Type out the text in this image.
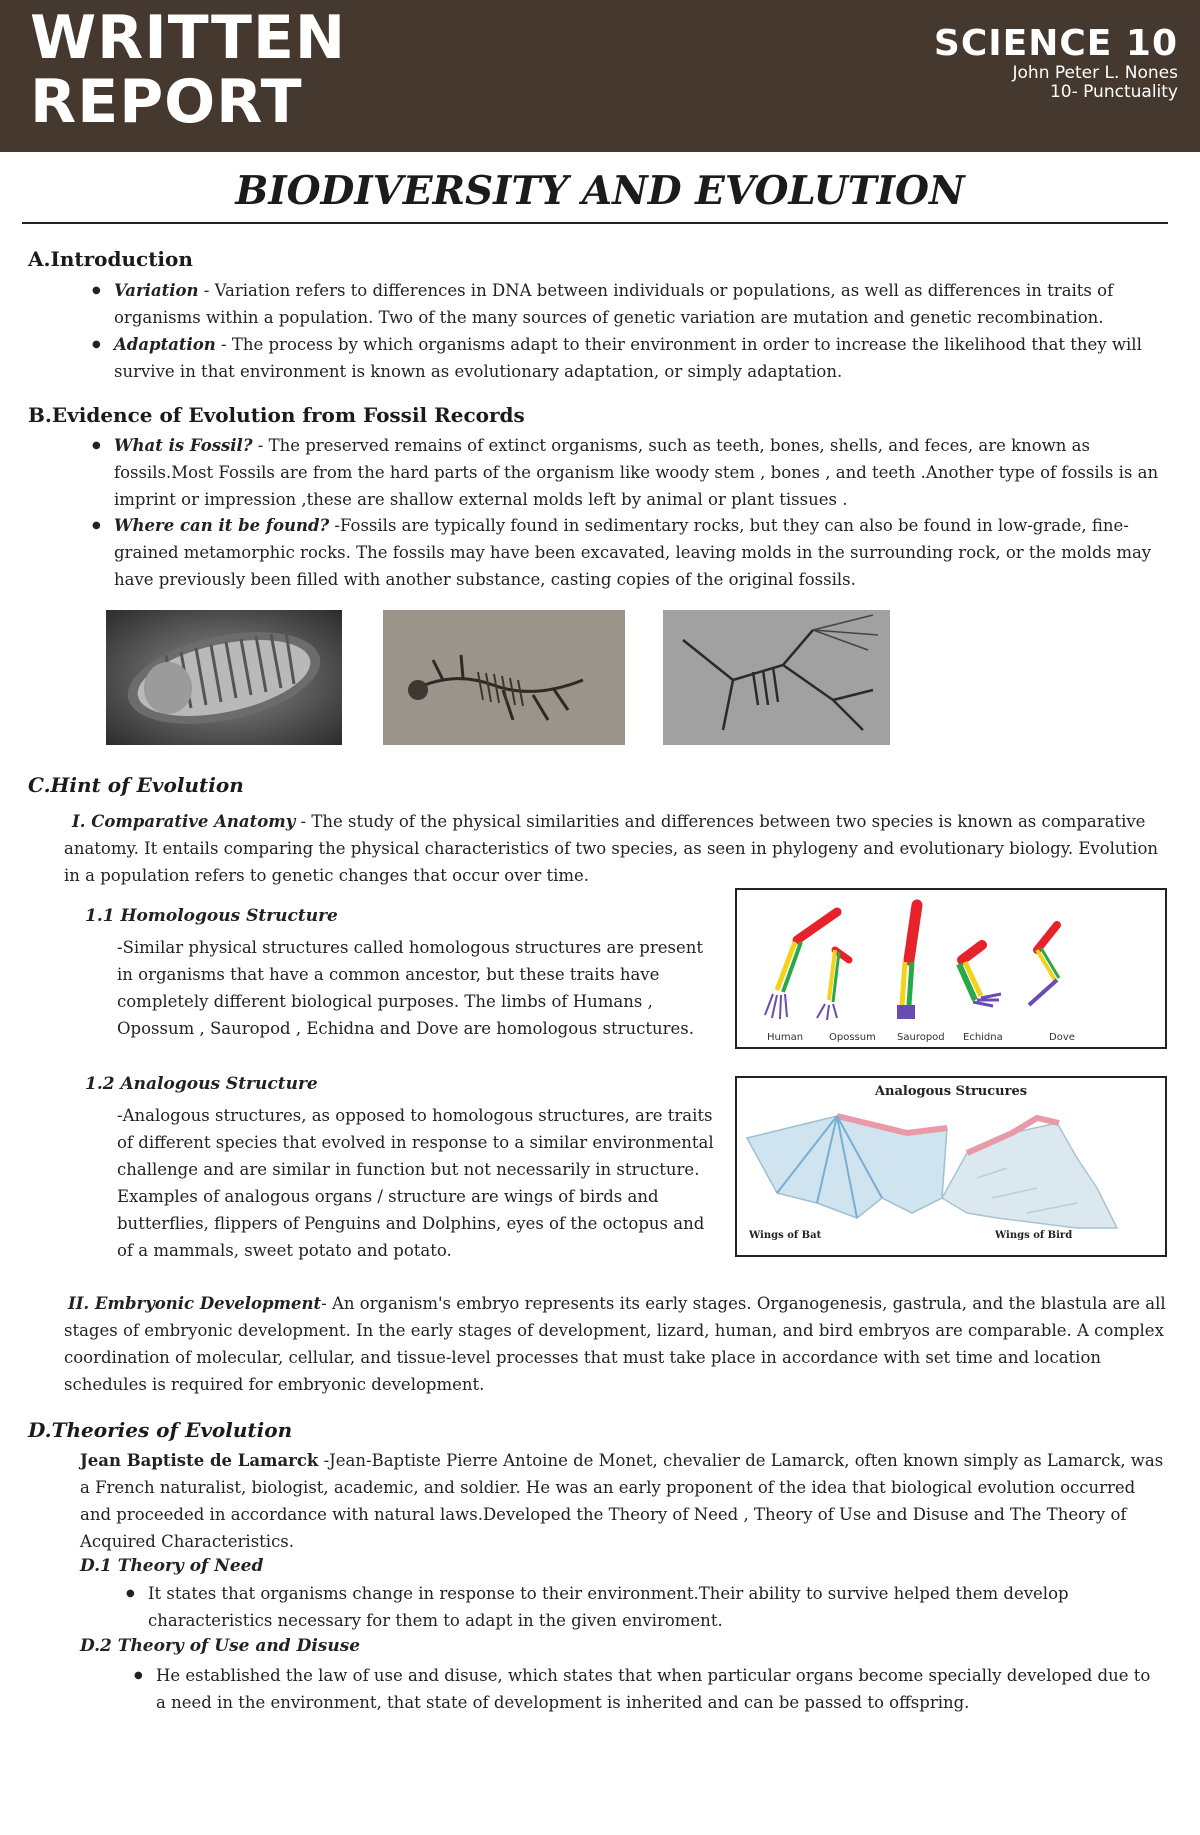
WRITTEN
REPORT
SCIENCE 10
John Peter L. Nones
10- Punctuality
BIODIVERSITY AND EVOLUTION
A.Introduction
● Variation - Variation refers to differences in DNA between individuals or populations, as well as differences in traits of organisms within a population. Two of the many sources of genetic variation are mutation and genetic recombination.
● Adaptation - The process by which organisms adapt to their environment in order to increase the likelihood that they will survive in that environment is known as evolutionary adaptation, or simply adaptation.
B.Evidence of Evolution from Fossil Records
● What is Fossil? - The preserved remains of extinct organisms, such as teeth, bones, shells, and feces, are known as fossils.Most Fossils are from the hard parts of the organism like woody stem , bones , and teeth .Another type of fossils is an imprint or impression ,these are shallow external molds left by animal or plant tissues .
● Where can it be found? -Fossils are typically found in sedimentary rocks, but they can also be found in low-grade, fine-grained metamorphic rocks. The fossils may have been excavated, leaving molds in the surrounding rock, or the molds may have previously been filled with another substance, casting copies of the original fossils.
C.Hint of Evolution
I. Comparative Anatomy - The study of the physical similarities and differences between two species is known as comparative anatomy. It entails comparing the physical characteristics of two species, as seen in phylogeny and evolutionary biology. Evolution in a population refers to genetic changes that occur over time.
1.1 Homologous Structure
-Similar physical structures called homologous structures are present in organisms that have a common ancestor, but these traits have completely different biological purposes. The limbs of Humans , Opossum , Sauropod , Echidna and Dove are homologous structures.	Human	Opossum Sauropod Echidna	Dove
1.2 Analogous Structure
-Analogous structures, as opposed to homologous structures, are traits of different species that evolved in response to a similar environmental challenge and are similar in function but not necessarily in structure. Examples of analogous organs / structure are wings of birds and butterflies, flippers of Penguins and Dolphins, eyes of the octopus and of a mammals, sweet potato and potato.
Analogous Strucures
Wings of Bat	Wings of Bird
II. Embryonic Development- An organism's embryo represents its early stages. Organogenesis, gastrula, and the blastula are all stages of embryonic development. In the early stages of development, lizard, human, and bird embryos are comparable. A complex coordination of molecular, cellular, and tissue-level processes that must take place in accordance with set time and location schedules is required for embryonic development.
D.Theories of Evolution
Jean Baptiste de Lamarck -Jean-Baptiste Pierre Antoine de Monet, chevalier de Lamarck, often known simply as Lamarck, was a French naturalist, biologist, academic, and soldier. He was an early proponent of the idea that biological evolution occurred and proceeded in accordance with natural laws.Developed the Theory of Need , Theory of Use and Disuse and The Theory of Acquired Characteristics.
D.1 Theory of Need
● It states that organisms change in response to their environment.Their ability to survive helped them develop characteristics necessary for them to adapt in the given enviroment.
D.2 Theory of Use and Disuse
● He established the law of use and disuse, which states that when particular organs become specially developed due to a need in the environment, that state of development is inherited and can be passed to offspring.
